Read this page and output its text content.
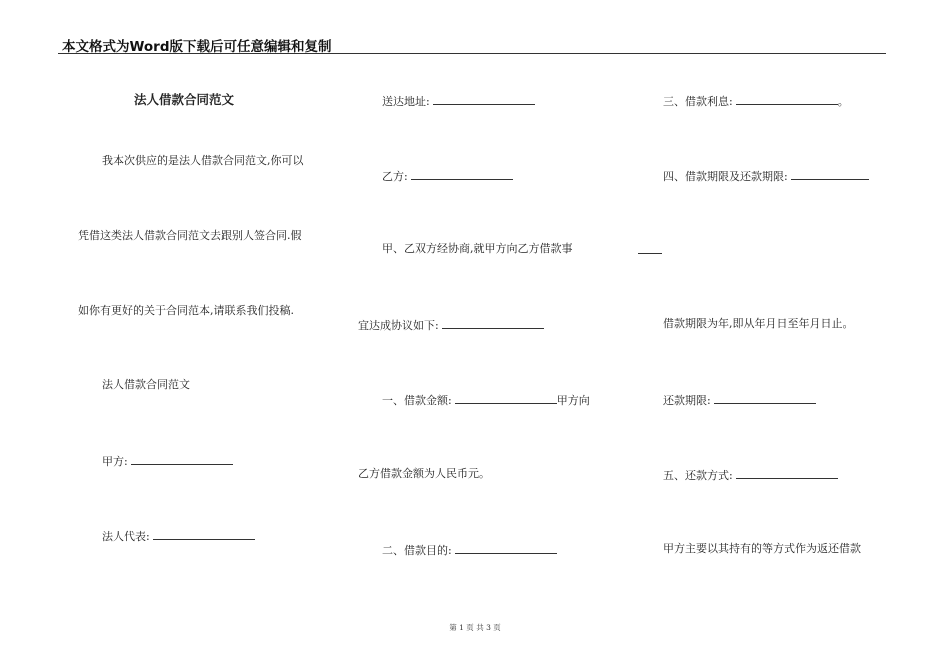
本文格式为Word版下载后可任意编辑和复制
法人借款合同范文
我本次供应的是法人借款合同范文,你可以
凭借这类法人借款合同范文去跟别人签合同.假
如你有更好的关于合同范本,请联系我们投稿.
法人借款合同范文
甲方:
法人代表:
送达地址:
乙方:
甲、乙双方经协商,就甲方向乙方借款事
宜达成协议如下:
一、借款金额:	甲方向
乙方借款金额为人民币元。
二、借款目的:
三、借款利息:	。
四、借款期限及还款期限:
借款期限为年,即从年月日至年月日止。
还款期限:
五、还款方式:
甲方主要以其持有的等方式作为返还借款
第 1 页 共 3 页
